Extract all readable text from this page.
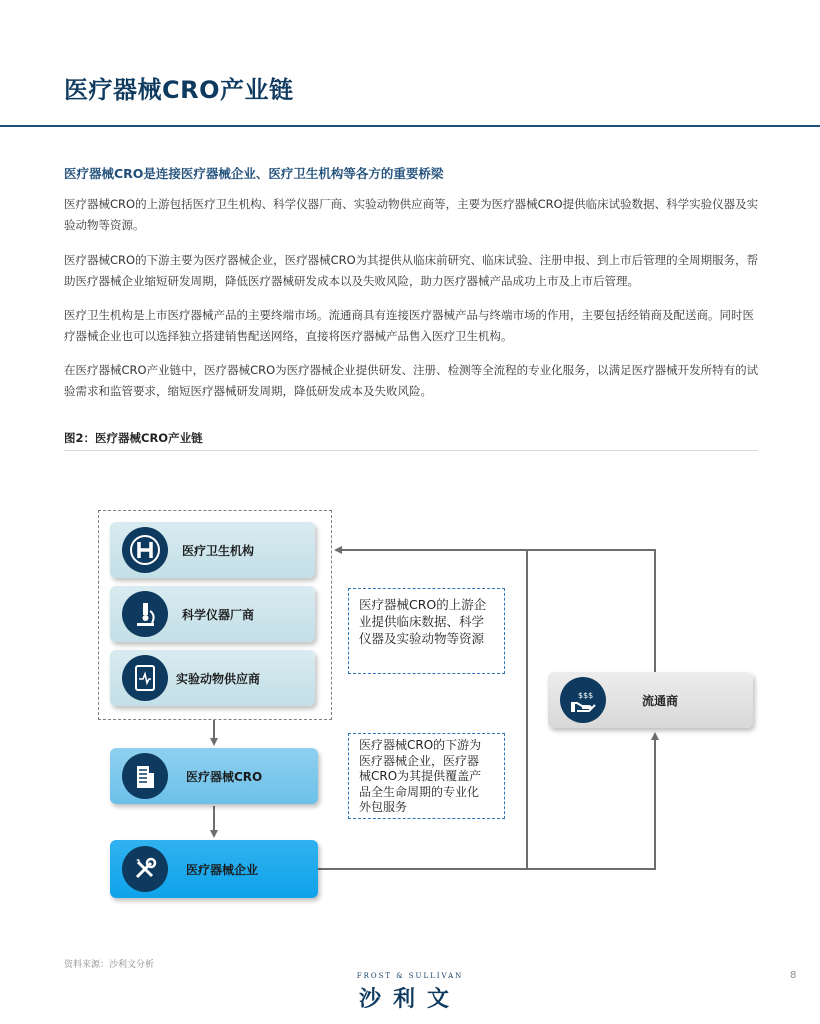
医疗器械CRO产业链
医疗器械CRO是连接医疗器械企业、医疗卫生机构等各方的重要桥梁

医疗器械CRO的上游包括医疗卫生机构、科学仪器厂商、实验动物供应商等，主要为医疗器械CRO提供临床试验数据、科学实验仪器及实验动物等资源。

医疗器械CRO的下游主要为医疗器械企业，医疗器械CRO为其提供从临床前研究、临床试验、注册申报、到上市后管理的全周期服务，帮助医疗器械企业缩短研发周期，降低医疗器械研发成本以及失败风险，助力医疗器械产品成功上市及上市后管理。

医疗卫生机构是上市医疗器械产品的主要终端市场。流通商具有连接医疗器械产品与终端市场的作用，主要包括经销商及配送商。同时医疗器械企业也可以选择独立搭建销售配送网络，直接将医疗器械产品售入医疗卫生机构。

在医疗器械CRO产业链中，医疗器械CRO为医疗器械企业提供研发、注册、检测等全流程的专业化服务，以满足医疗器械开发所特有的试验需求和监管要求，缩短医疗器械研发周期，降低研发成本及失败风险。

图2：医疗器械CRO产业链
医疗卫生机构
科学仪器厂商
实验动物供应商
医疗器械CRO
医疗器械企业
$$$	流通商
医疗器械CRO的上游企
业提供临床数据、科学
仪器及实验动物等资源
医疗器械CRO的下游为
医疗器械企业，医疗器
械CRO为其提供覆盖产
品全生命周期的专业化
外包服务
资料来源：沙利文分析
FROST & SULLIVAN
沙利文
8
